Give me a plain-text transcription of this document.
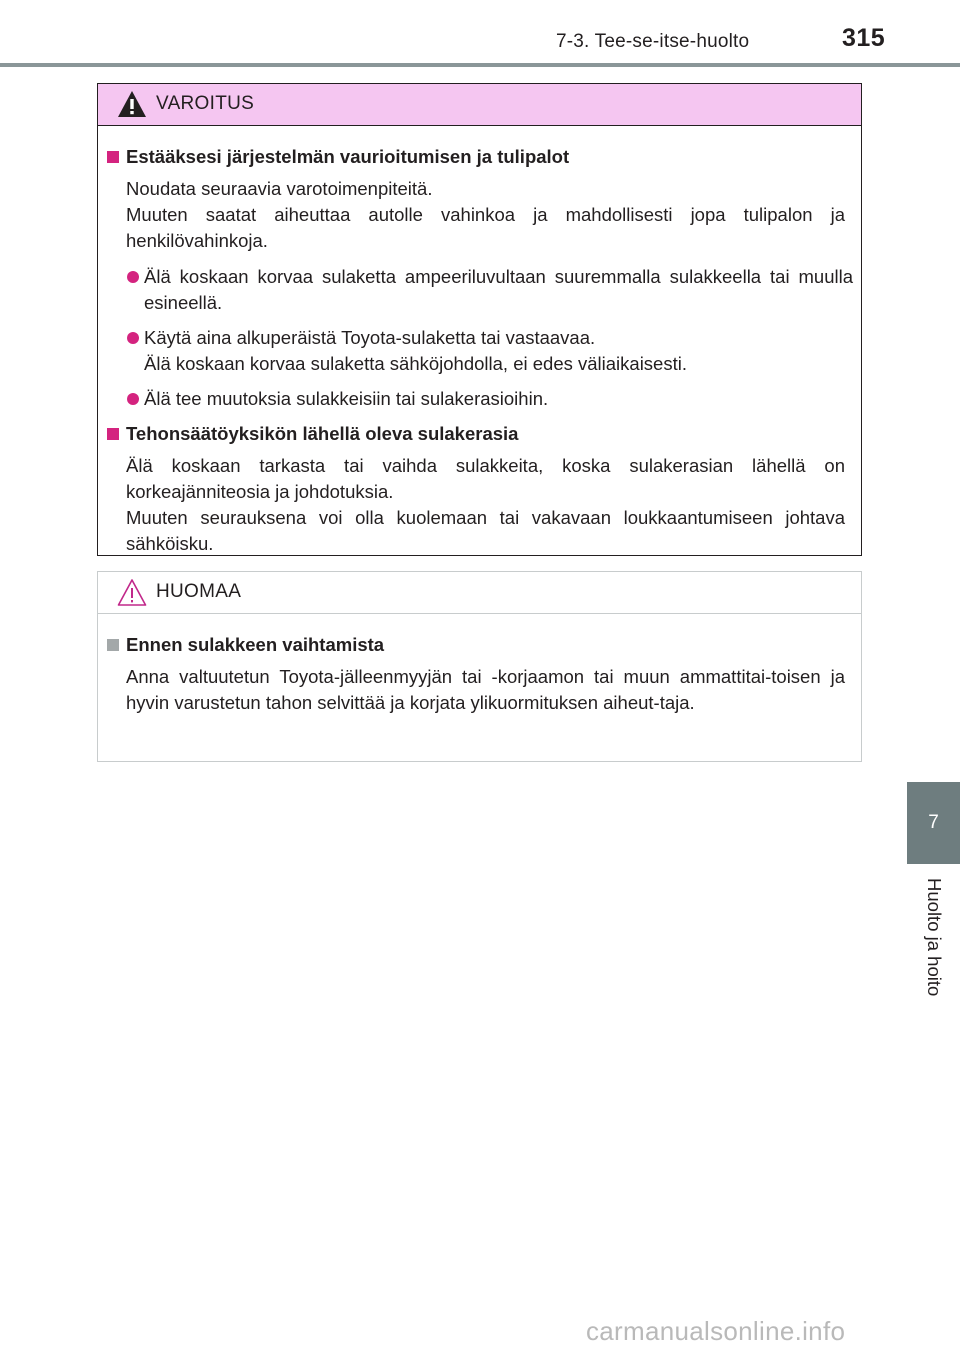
7-3. Tee-se-itse-huolto	315
VAROITUS
Estääksesi järjestelmän vaurioitumisen ja tulipalot
Noudata seuraavia varotoimenpiteitä.
Muuten saatat aiheuttaa autolle vahinkoa ja mahdollisesti jopa tulipalon ja henkilövahinkoja.
Älä koskaan korvaa sulaketta ampeeriluvultaan suuremmalla sulakkeella tai muulla esineellä.
Käytä aina alkuperäistä Toyota-sulaketta tai vastaavaa.
Älä koskaan korvaa sulaketta sähköjohdolla, ei edes väliaikaisesti.
Älä tee muutoksia sulakkeisiin tai sulakerasioihin.
Tehonsäätöyksikön lähellä oleva sulakerasia
Älä koskaan tarkasta tai vaihda sulakkeita, koska sulakerasian lähellä on korkeajänniteosia ja johdotuksia.
Muuten seurauksena voi olla kuolemaan tai vakavaan loukkaantumiseen johtava sähköisku.
HUOMAA
Ennen sulakkeen vaihtamista
Anna valtuutetun Toyota-jälleenmyyjän tai -korjaamon tai muun ammattitai-toisen ja hyvin varustetun tahon selvittää ja korjata ylikuormituksen aiheut-taja.
7
Huolto ja hoito
carmanualsonline.info
